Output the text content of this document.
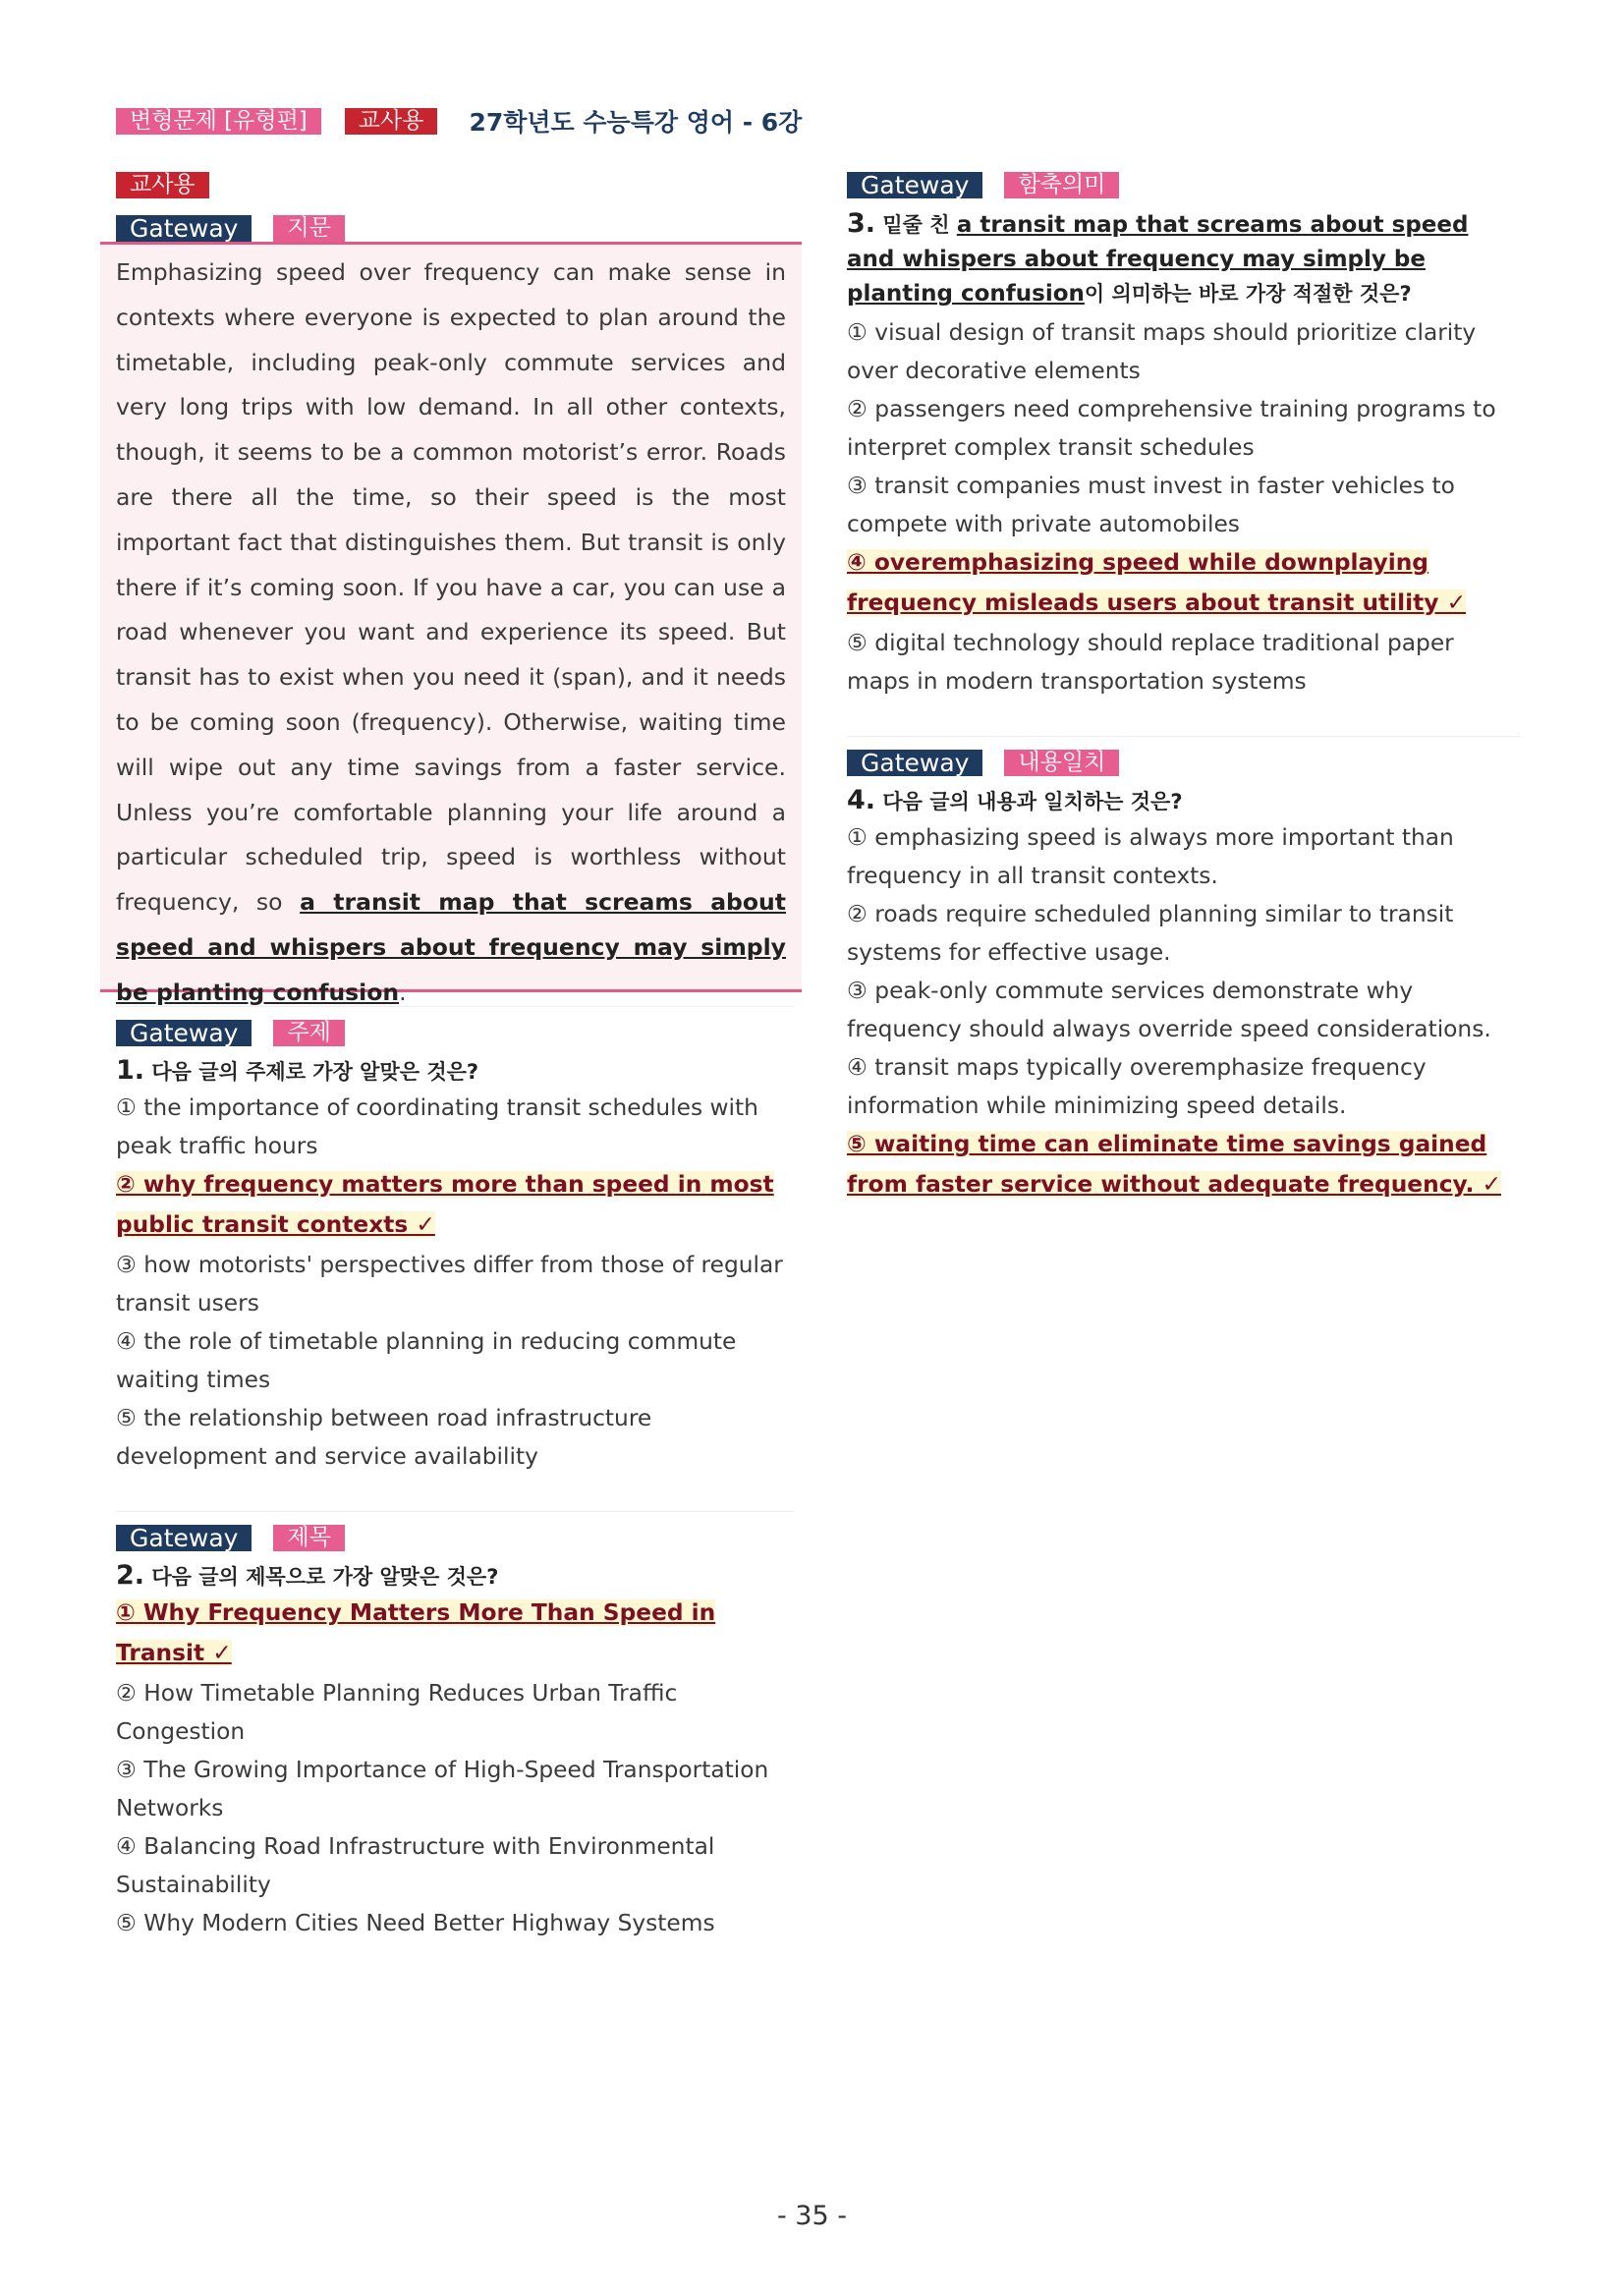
변형문제 [유형편]	교사용	27학년도 수능특강 영어 - 6강
교사용
Gateway	지문
Emphasizing speed over frequency can make sense in contexts where everyone is expected to plan around the timetable, including peak-only commute services and very long trips with low demand. In all other contexts, though, it seems to be a common motorist’s error. Roads are there all the time, so their speed is the most important fact that distinguishes them. But transit is only there if it’s coming soon. If you have a car, you can use a road whenever you want and experience its speed. But transit has to exist when you need it (span), and it needs to be coming soon (frequency). Otherwise, waiting time will wipe out any time savings from a faster service. Unless you’re comfortable planning your life around a particular scheduled trip, speed is worthless without frequency, so a transit map that screams about speed and whispers about frequency may simply be planting confusion.
Gateway	주제
1. 다음 글의 주제로 가장 알맞은 것은?
① the importance of coordinating transit schedules with peak traffic hours
② why frequency matters more than speed in most public transit contexts ✓
③ how motorists' perspectives differ from those of regular transit users
④ the role of timetable planning in reducing commute waiting times
⑤ the relationship between road infrastructure development and service availability
Gateway	제목
2. 다음 글의 제목으로 가장 알맞은 것은?
① Why Frequency Matters More Than Speed in Transit ✓
② How Timetable Planning Reduces Urban Traffic Congestion
③ The Growing Importance of High-Speed Transportation Networks
④ Balancing Road Infrastructure with Environmental Sustainability
⑤ Why Modern Cities Need Better Highway Systems
Gateway	함축의미
3. 밑줄 친 a transit map that screams about speed and whispers about frequency may simply be planting confusion이 의미하는 바로 가장 적절한 것은?
① visual design of transit maps should prioritize clarity over decorative elements
② passengers need comprehensive training programs to interpret complex transit schedules
③ transit companies must invest in faster vehicles to compete with private automobiles
④ overemphasizing speed while downplaying frequency misleads users about transit utility ✓
⑤ digital technology should replace traditional paper maps in modern transportation systems
Gateway	내용일치
4. 다음 글의 내용과 일치하는 것은?
① emphasizing speed is always more important than frequency in all transit contexts.
② roads require scheduled planning similar to transit systems for effective usage.
③ peak-only commute services demonstrate why frequency should always override speed considerations.
④ transit maps typically overemphasize frequency information while minimizing speed details.
⑤ waiting time can eliminate time savings gained from faster service without adequate frequency. ✓
- 35 -
